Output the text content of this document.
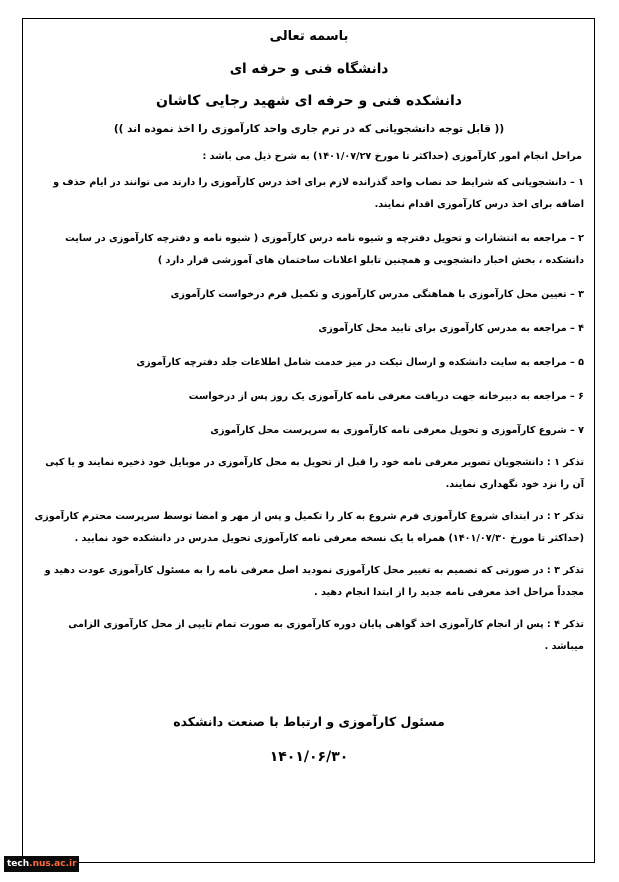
باسمه تعالی
دانشگاه فنی و حرفه ای
دانشکده فنی و حرفه ای شهید رجایی کاشان
(( قابل توجه دانشجویانی که در ترم جاری واحد کارآموزی را اخذ نموده اند ))
مراحل انجام امور کارآموزی (حداکثر تا مورخ ۱۴۰۱/۰۷/۲۷) به شرح ذیل می باشد :
۱ – دانشجویانی که شرایط حد نصاب واحد گذرانده لازم برای اخذ درس کارآموزی را دارند می توانند در ایام حذف و اضافه برای اخذ درس کارآموزی اقدام نمایند.
۲ – مراجعه به انتشارات و تحویل دفترچه و شیوه نامه درس کارآموزی ( شیوه نامه و دفترچه کارآموزی در سایت دانشکده ، بخش اخبار دانشجویی و همچنین تابلو اعلانات ساختمان های آموزشی قرار دارد )
۳ – تعیین محل کارآموزی با هماهنگی مدرس کارآموزی و تکمیل فرم درخواست کارآموزی
۴ – مراجعه به مدرس کارآموزی برای تایید محل کارآموزی
۵ – مراجعه به سایت دانشکده و ارسال تیکت در میز خدمت شامل اطلاعات جلد دفترچه کارآموزی
۶ – مراجعه به دبیرخانه جهت دریافت معرفی نامه کارآموزی یک روز پس از درخواست
۷ – شروع کارآموزی و تحویل معرفی نامه کارآموزی به سرپرست محل کارآموزی
تذکر ۱ : دانشجویان تصویر معرفی نامه خود را قبل از تحویل به محل کارآموزی در موبایل خود ذخیره نمایند و یا کپی آن را نزد خود نگهداری نمایند.
تذکر ۲ : در ابتدای شروع کارآموزی فرم شروع به کار را تکمیل و پس از مهر و امضا توسط سرپرست محترم کارآموزی (حداکثر تا مورخ ۱۴۰۱/۰۷/۳۰) همراه با یک نسخه معرفی نامه کارآموزی تحویل مدرس در دانشکده خود نمایید .
تذکر ۳ : در صورتی که تصمیم به تغییر محل کارآموزی نمودید اصل معرفی نامه را به مسئول کارآموزی عودت دهید و مجدداً مراحل اخذ معرفی نامه جدید را از ابتدا انجام دهید .
تذکر ۴ : پس از انجام کارآموزی اخذ گواهی پایان دوره کارآموزی به صورت تمام تایپی از محل کارآموزی الزامی میباشد .
مسئول کارآموزی و ارتباط با صنعت دانشکده
۱۴۰۱/۰۶/۳۰
tech.nus.ac.ir
